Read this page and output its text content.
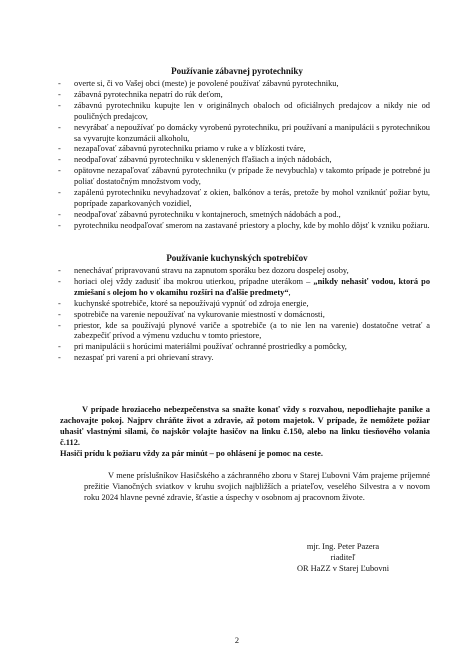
Používanie zábavnej pyrotechniky
- overte si, či vo Vašej obci (meste) je povolené používať zábavnú pyrotechniku,
- zábavná pyrotechnika nepatrí do rúk deťom,
- zábavnú pyrotechniku kupujte len v originálnych obaloch od oficiálnych predajcov a nikdy nie od pouličných predajcov,
- nevyrábať a nepoužívať po domácky vyrobenú pyrotechniku, pri používaní a manipulácii s pyrotechnikou sa vyvarujte konzumácii alkoholu,
- nezapaľovať zábavnú pyrotechniku priamo v ruke a v blízkosti tváre,
- neodpaľovať zábavnú pyrotechniku v sklenených fľašiach a iných nádobách,
- opätovne nezapaľovať zábavnú pyrotechniku (v prípade že nevybuchla) v takomto prípade je potrebné ju poliať dostatočným množstvom vody,
- zapálenú pyrotechniku nevyhadzovať z okien, balkónov a terás, pretože by mohol vzniknúť požiar bytu, poprípade zaparkovaných vozidiel,
- neodpaľovať zábavnú pyrotechniku v kontajneroch, smetných nádobách a pod.,
- pyrotechniku neodpaľovať smerom na zastavané priestory a plochy, kde by mohlo dôjsť k vzniku požiaru.
Používanie kuchynských spotrebičov
- nenechávať pripravovanú stravu na zapnutom sporáku bez dozoru dospelej osoby,
- horiaci olej vždy zadusiť iba mokrou utierkou, prípadne uterákom – „nikdy nehasiť vodou, ktorá po zmiešaní s olejom ho v okamihu rozšíri na ďalšie predmety“,
- kuchynské spotrebiče, ktoré sa nepoužívajú vypnúť od zdroja energie,
- spotrebiče na varenie nepoužívať na vykurovanie miestností v domácnosti,
- priestor, kde sa používajú plynové variče a spotrebiče (a to nie len na varenie) dostatočne vetrať a zabezpečiť prívod a výmenu vzduchu v tomto priestore,
- pri manipulácii s horúcimi materiálmi používať ochranné prostriedky a pomôcky,
- nezaspať pri varení a pri ohrievaní stravy.
V prípade hroziaceho nebezpečenstva sa snažte konať vždy s rozvahou, nepodliehajte panike a zachovajte pokoj. Najprv chráňte život a zdravie, až potom majetok. V prípade, že nemôžete požiar uhasiť vlastnými silami, čo najskôr volajte hasičov na linku č.150, alebo na linku tiesňového volania č.112.
Hasiči prídu k požiaru vždy za pár minút – po ohlásení je pomoc na ceste.
V mene príslušníkov Hasičského a záchranného zboru v Starej Ľubovni Vám prajeme príjemné prežitie Vianočných sviatkov v kruhu svojich najbližších a priateľov, veselého Silvestra a v novom roku 2024 hlavne pevné zdravie, šťastie a úspechy v osobnom aj pracovnom živote.
mjr. Ing. Peter Pazera
riaditeľ
OR HaZZ v Starej Ľubovni
2
